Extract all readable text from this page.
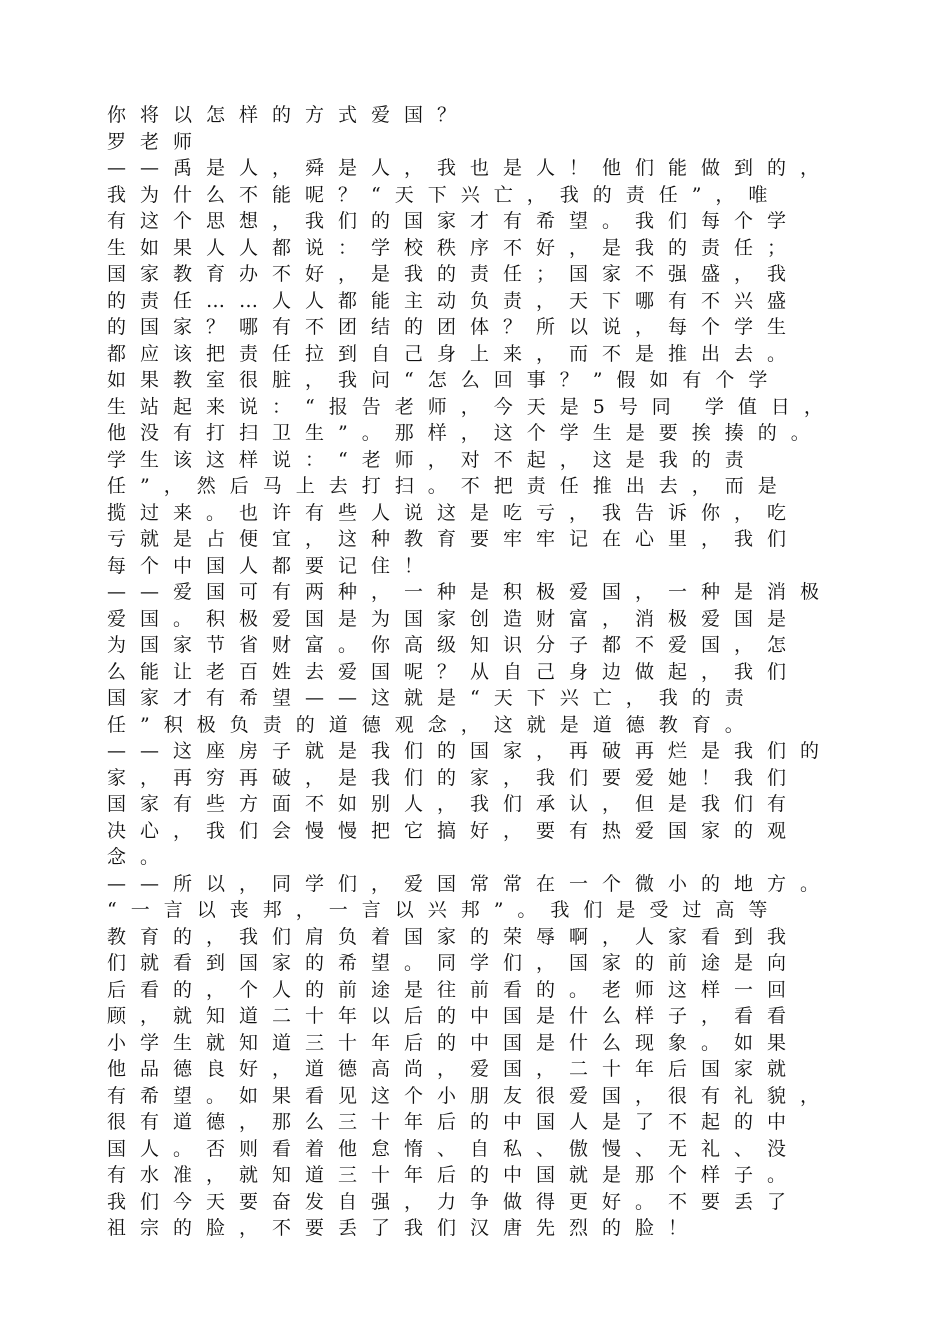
你将以怎样的方式爱国？
罗老师
——禹是人，舜是人，我也是人！他们能做到的，
我为什么不能呢？“天下兴亡，我的责任”，唯
有这个思想，我们的国家才有希望。我们每个学
生如果人人都说：学校秩序不好，是我的责任；
国家教育办不好，是我的责任；国家不强盛，我
的责任……人人都能主动负责，天下哪有不兴盛
的国家？哪有不团结的团体？所以说，每个学生
都应该把责任拉到自己身上来，而不是推出去。
如果教室很脏，我问“怎么回事？”假如有个学
生站起来说：“报告老师，今天是5号同 学值日，
他没有打扫卫生”。那样，这个学生是要挨揍的。
学生该这样说：“老师，对不起，这是我的责
任”，然后马上去打扫。不把责任推出去，而是
揽过来。也许有些人说这是吃亏，我告诉你，吃
亏就是占便宜，这种教育要牢牢记在心里，我们
每个中国人都要记住！
——爱国可有两种，一种是积极爱国，一种是消极
爱国。积极爱国是为国家创造财富，消极爱国是
为国家节省财富。你高级知识分子都不爱国，怎
么能让老百姓去爱国呢？从自己身边做起，我们
国家才有希望——这就是“天下兴亡，我的责
任”积极负责的道德观念，这就是道德教育。
——这座房子就是我们的国家，再破再烂是我们的
家，再穷再破，是我们的家，我们要爱她！我们
国家有些方面不如别人，我们承认，但是我们有
决心，我们会慢慢把它搞好，要有热爱国家的观
念。
——所以，同学们，爱国常常在一个微小的地方。
“一言以丧邦，一言以兴邦”。我们是受过高等
教育的，我们肩负着国家的荣辱啊，人家看到我
们就看到国家的希望。同学们，国家的前途是向
后看的，个人的前途是往前看的。老师这样一回
顾，就知道二十年以后的中国是什么样子，看看
小学生就知道三十年后的中国是什么现象。如果
他品德良好，道德高尚，爱国，二十年后国家就
有希望。如果看见这个小朋友很爱国，很有礼貌，
很有道德，那么三十年后的中国人是了不起的中
国人。否则看着他怠惰、自私、傲慢、无礼、没
有水准，就知道三十年后的中国就是那个样子。
我们今天要奋发自强，力争做得更好。不要丢了
祖宗的脸，不要丢了我们汉唐先烈的脸！
